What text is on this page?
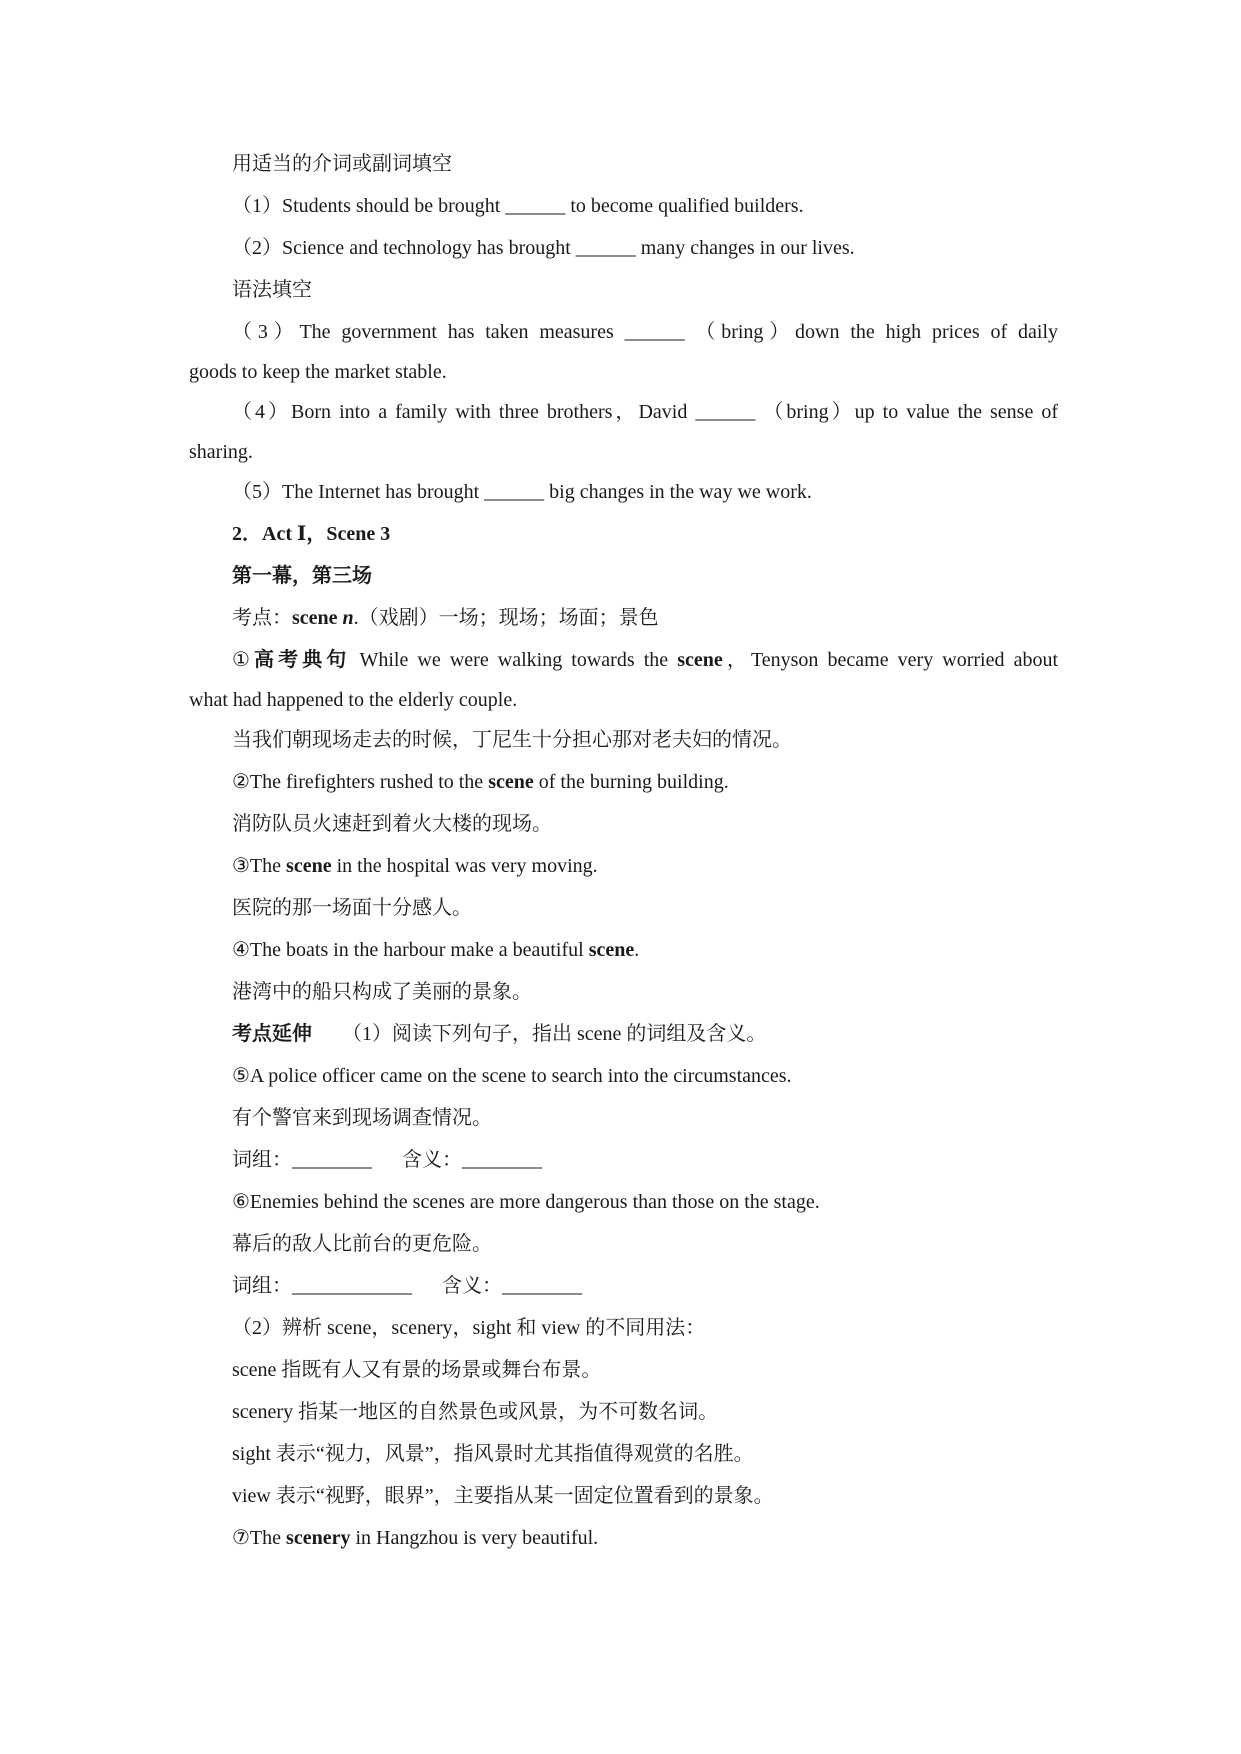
用适当的介词或副词填空
（1）Students should be brought ______ to become qualified builders.
（2）Science and technology has brought ______ many changes in our lives.
语法填空
（3）The government has taken measures ______ （bring）down the high prices of daily
goods to keep the market stable.
（4）Born into a family with three brothers，David ______ （bring）up to value the sense of
sharing.
（5）The Internet has brought ______ big changes in the way we work.
2．Act Ⅰ，Scene 3
第一幕，第三场
考点：scene n.（戏剧）一场；现场；场面；景色
①高考典句 While we were walking towards the scene，Tenyson became very worried about
what had happened to the elderly couple.
当我们朝现场走去的时候，丁尼生十分担心那对老夫妇的情况。
②The firefighters rushed to the scene of the burning building.
消防队员火速赶到着火大楼的现场。
③The scene in the hospital was very moving.
医院的那一场面十分感人。
④The boats in the harbour make a beautiful scene.
港湾中的船只构成了美丽的景象。
考点延伸 （1）阅读下列句子，指出 scene 的词组及含义。
⑤A police officer came on the scene to search into the circumstances.
有个警官来到现场调查情况。
词组：________ 含义：________
⑥Enemies behind the scenes are more dangerous than those on the stage.
幕后的敌人比前台的更危险。
词组：____________ 含义：________
（2）辨析 scene，scenery，sight 和 view 的不同用法：
scene 指既有人又有景的场景或舞台布景。
scenery 指某一地区的自然景色或风景，为不可数名词。
sight 表示“视力，风景”，指风景时尤其指值得观赏的名胜。
view 表示“视野，眼界”，主要指从某一固定位置看到的景象。
⑦The scenery in Hangzhou is very beautiful.
